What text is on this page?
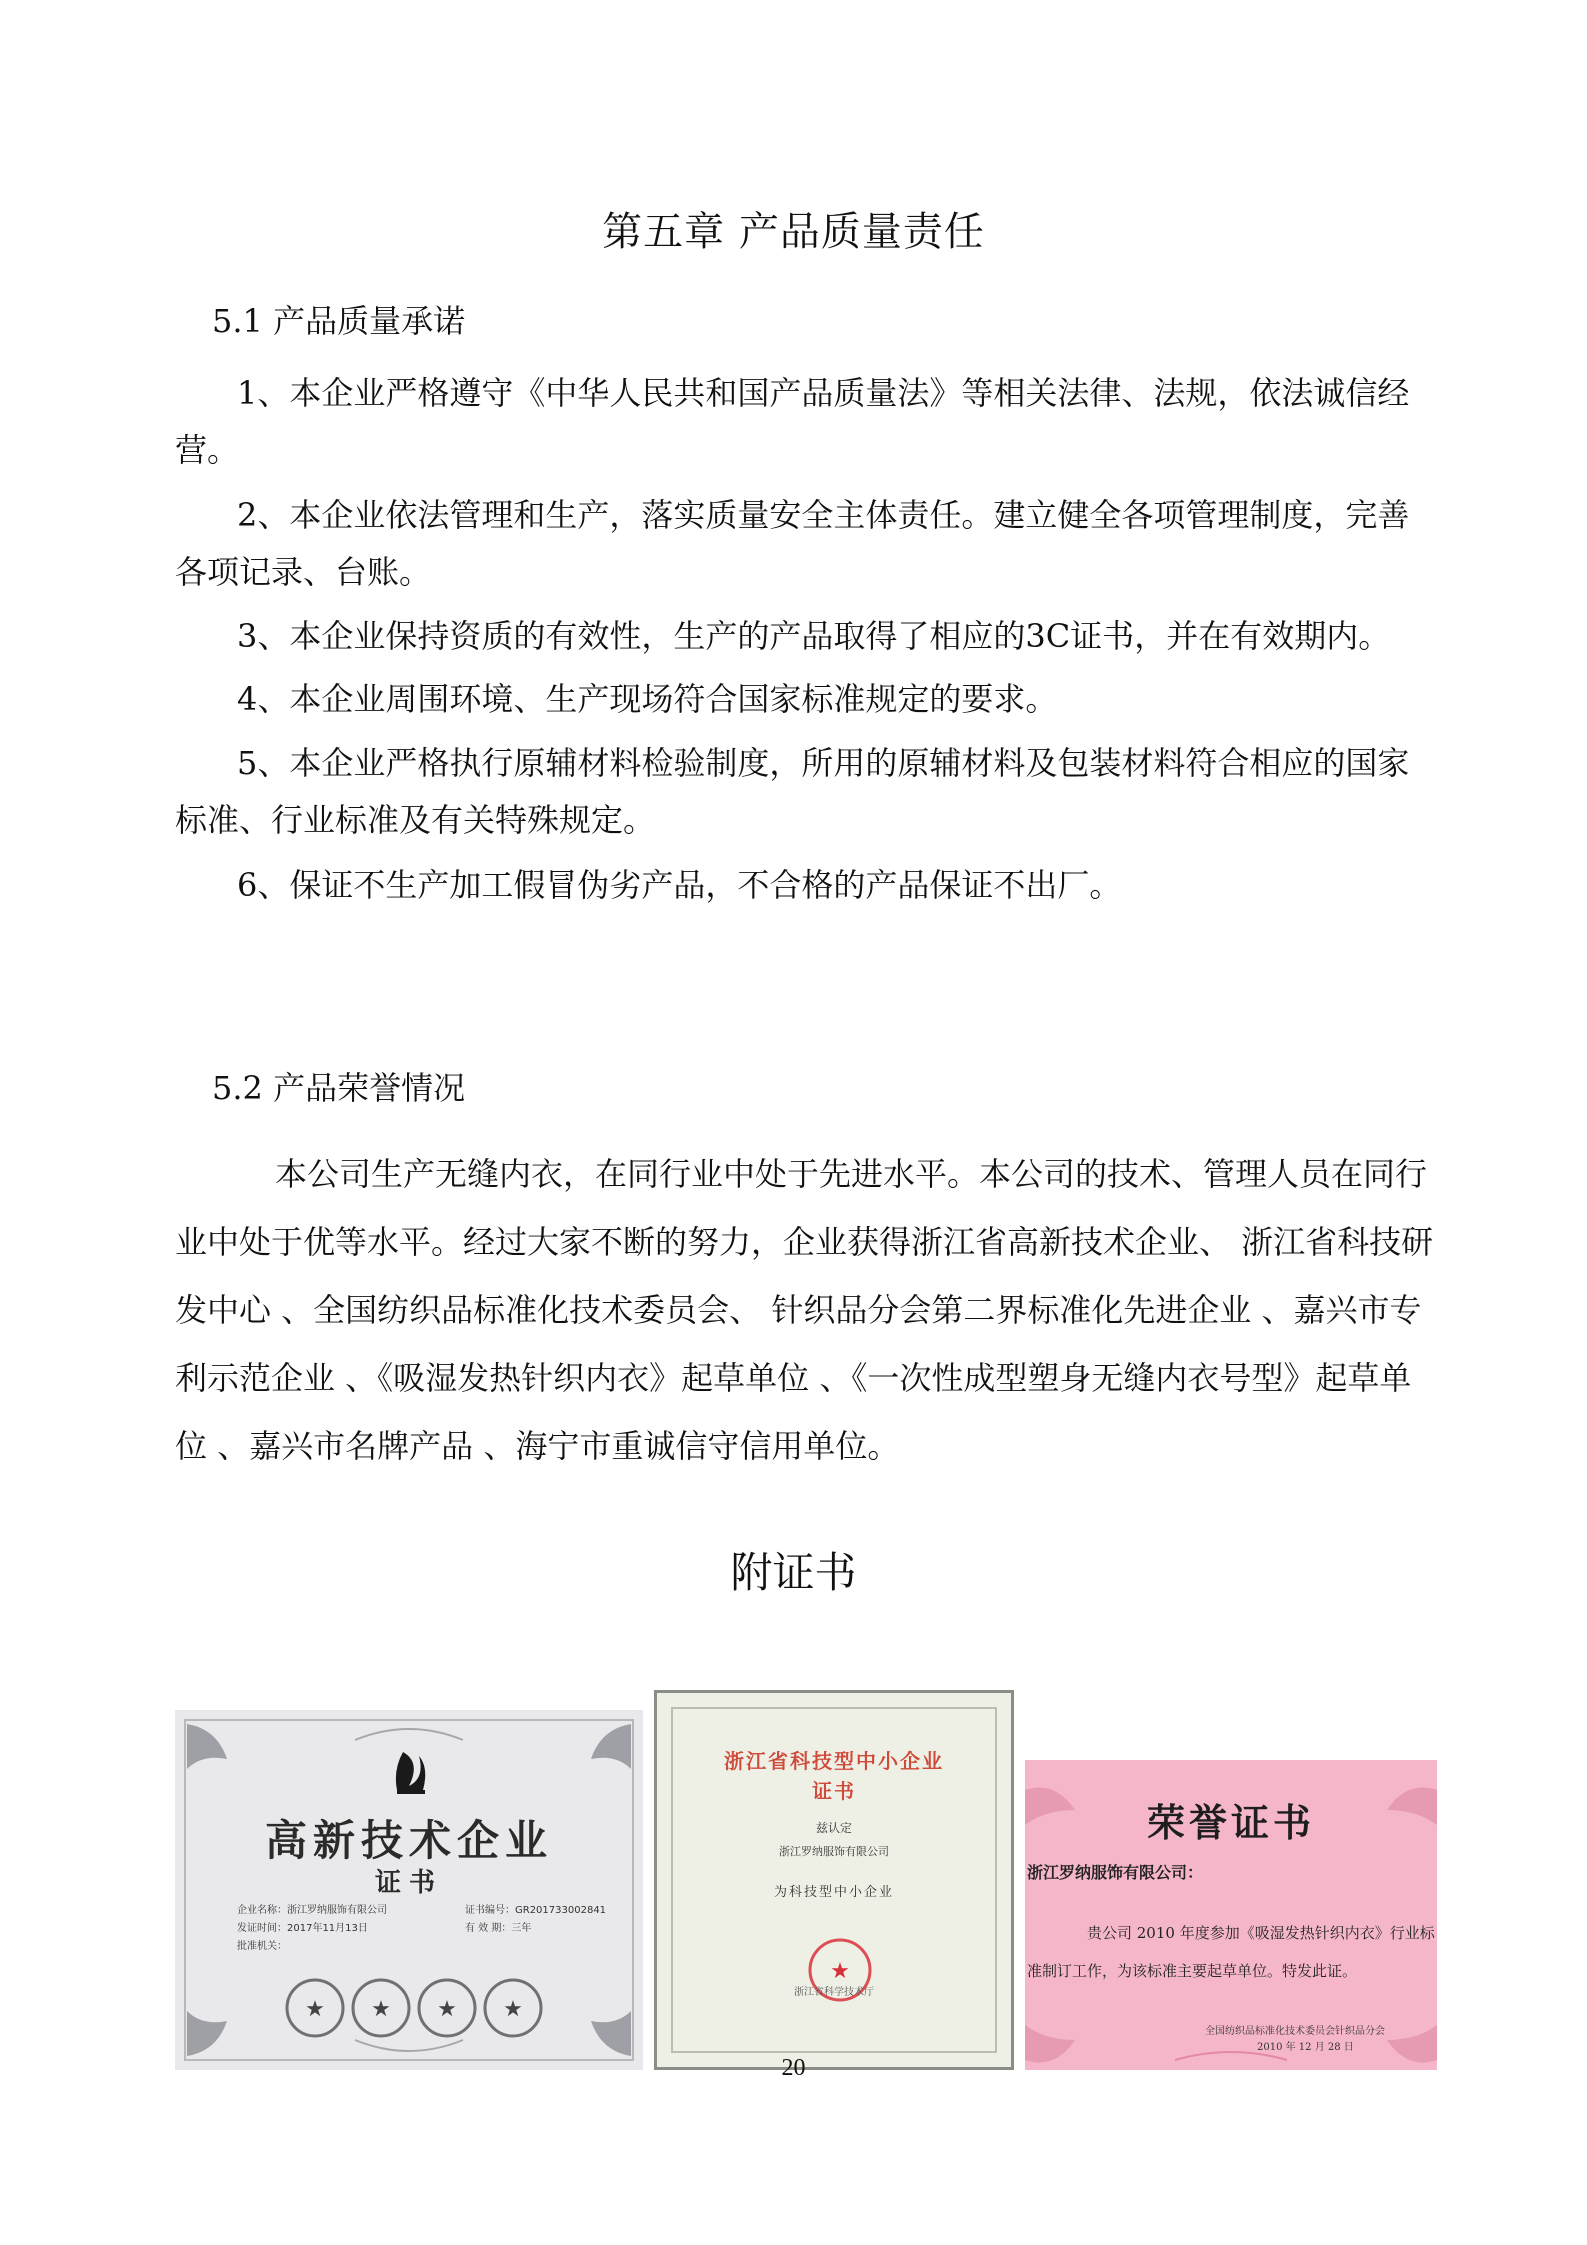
第五章 产品质量责任

5.1 产品质量承诺

1、本企业严格遵守《中华人民共和国产品质量法》等相关法律、法规，依法诚信经营。

2、本企业依法管理和生产，落实质量安全主体责任。建立健全各项管理制度，完善各项记录、台账。

3、本企业保持资质的有效性，生产的产品取得了相应的3C证书，并在有效期内。

4、本企业周围环境、生产现场符合国家标准规定的要求。

5、本企业严格执行原辅材料检验制度，所用的原辅材料及包装材料符合相应的国家标准、行业标准及有关特殊规定。

6、保证不生产加工假冒伪劣产品，不合格的产品保证不出厂。

5.2 产品荣誉情况

本公司生产无缝内衣，在同行业中处于先进水平。本公司的技术、管理人员在同行业中处于优等水平。经过大家不断的努力，企业获得浙江省高新技术企业、 浙江省科技研发中心 、全国纺织品标准化技术委员会、 针织品分会第二界标准化先进企业 、嘉兴市专利示范企业 、《吸湿发热针织内衣》起草单位 、《一次性成型塑身无缝内衣号型》起草单位 、嘉兴市名牌产品 、海宁市重诚信守信用单位。

附证书
★ ★ ★ ★
高新技术企业
证书
企业名称：浙江罗纳服饰有限公司
发证时间：2017年11月13日
批准机关：
证书编号：GR201733002841
有 效 期：三年
浙江省科技型中小企业
证书
兹认定
浙江罗纳服饰有限公司
为科技型中小企业
★
浙江省科学技术厅
荣誉证书
浙江罗纳服饰有限公司：
贵公司 2010 年度参加《吸湿发热针织内衣》行业标
准制订工作，为该标准主要起草单位。特发此证。
全国纺织品标准化技术委员会针织品分会
2010 年 12 月 28 日
20
